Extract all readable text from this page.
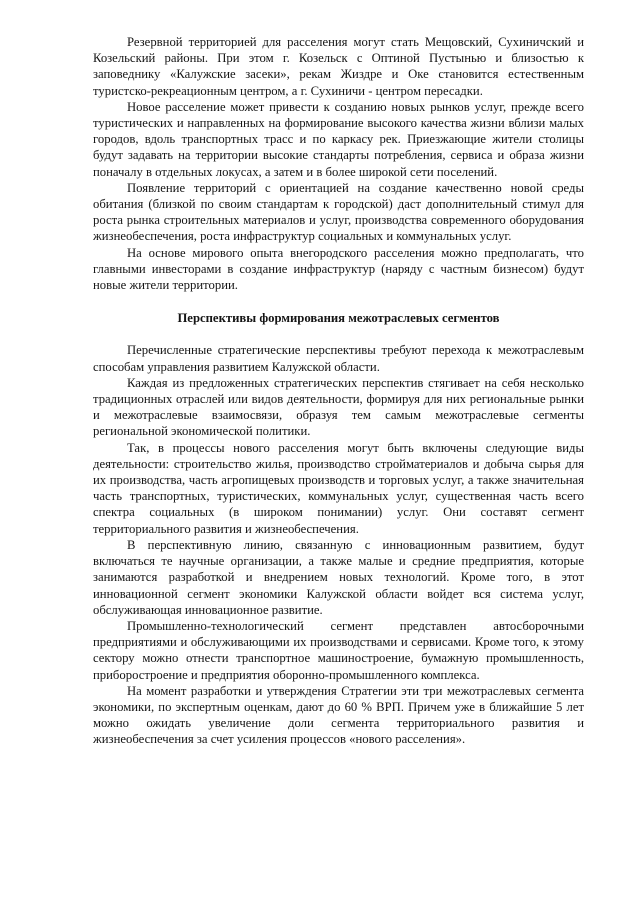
Резервной территорией для расселения могут стать Мещовский, Сухиничский и Козельский районы. При этом г. Козельск с Оптиной Пустынью и близостью к заповеднику «Калужские засеки», рекам Жиздре и Оке становится естественным туристско-рекреационным центром, а г. Сухиничи - центром пересадки.

Новое расселение может привести к созданию новых рынков услуг, прежде всего туристических и направленных на формирование высокого качества жизни вблизи малых городов, вдоль транспортных трасс и по каркасу рек. Приезжающие жители столицы будут задавать на территории высокие стандарты потребления, сервиса и образа жизни поначалу в отдельных локусах, а затем и в более широкой сети поселений.

Появление территорий с ориентацией на создание качественно новой среды обитания (близкой по своим стандартам к городской) даст дополнительный стимул для роста рынка строительных материалов и услуг, производства современного оборудования жизнеобеспечения, роста инфраструктур социальных и коммунальных услуг.

На основе мирового опыта внегородского расселения можно предполагать, что главными инвесторами в создание инфраструктур (наряду с частным бизнесом) будут новые жители территории.

Перспективы формирования межотраслевых сегментов

Перечисленные стратегические перспективы требуют перехода к межотраслевым способам управления развитием Калужской области.

Каждая из предложенных стратегических перспектив стягивает на себя несколько традиционных отраслей или видов деятельности, формируя для них региональные рынки и межотраслевые взаимосвязи, образуя тем самым межотраслевые сегменты региональной экономической политики.

Так, в процессы нового расселения могут быть включены следующие виды деятельности: строительство жилья, производство стройматериалов и добыча сырья для их производства, часть агропищевых производств и торговых услуг, а также значительная часть транспортных, туристических, коммунальных услуг, существенная часть всего спектра социальных (в широком понимании) услуг. Они составят сегмент территориального развития и жизнеобеспечения.

В перспективную линию, связанную с инновационным развитием, будут включаться те научные организации, а также малые и средние предприятия, которые занимаются разработкой и внедрением новых технологий. Кроме того, в этот инновационной сегмент экономики Калужской области войдет вся система услуг, обслуживающая инновационное развитие.

Промышленно-технологический сегмент представлен автосборочными предприятиями и обслуживающими их производствами и сервисами. Кроме того, к этому сектору можно отнести транспортное машиностроение, бумажную промышленность, приборостроение и предприятия оборонно-промышленного комплекса.

На момент разработки и утверждения Стратегии эти три межотраслевых сегмента экономики, по экспертным оценкам, дают до 60 % ВРП. Причем уже в ближайшие 5 лет можно ожидать увеличение доли сегмента территориального развития и жизнеобеспечения за счет усиления процессов «нового расселения».
